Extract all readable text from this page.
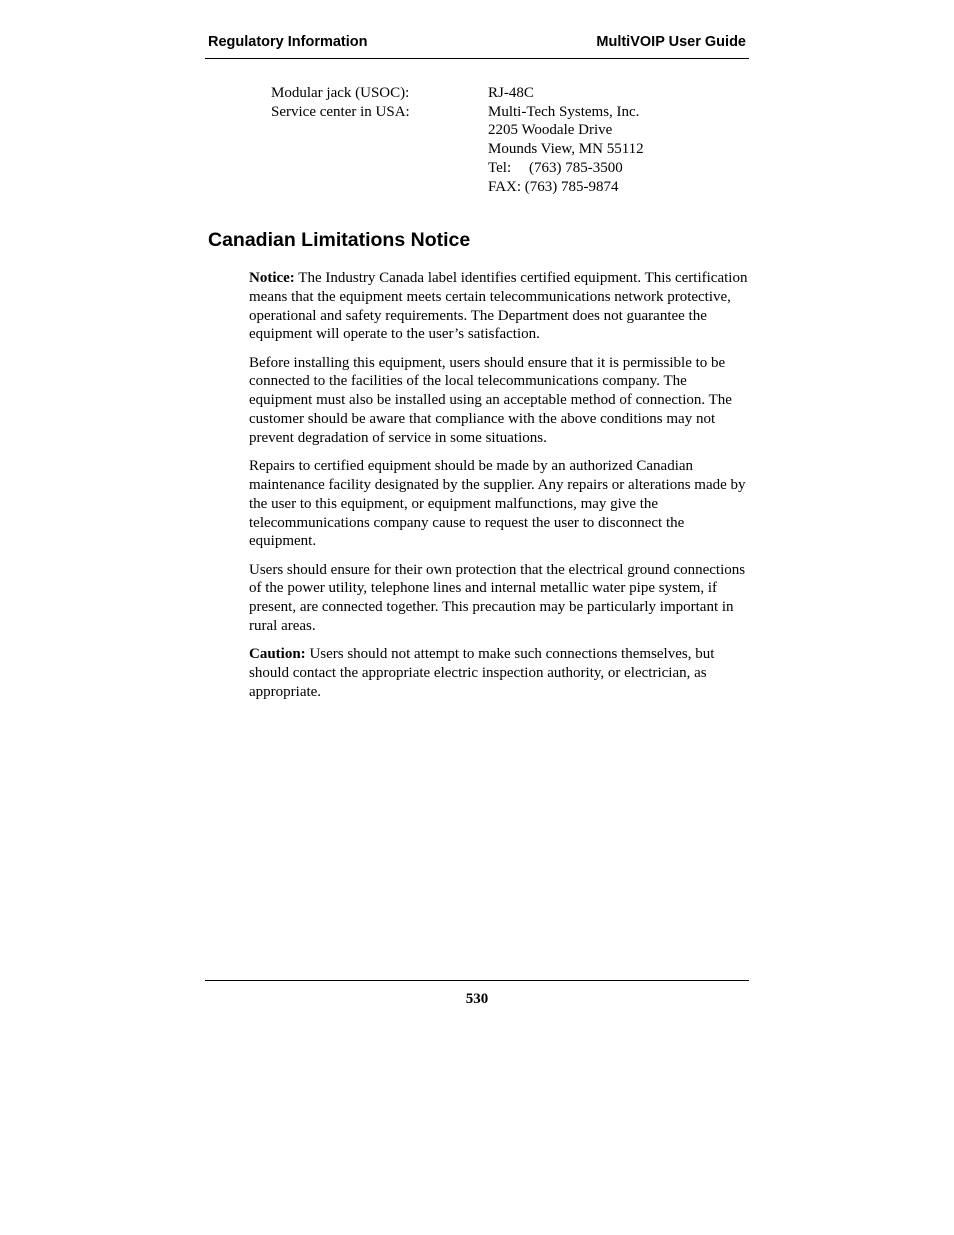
Regulatory Information	MultiVOIP User Guide
Modular jack (USOC):	RJ-48C
Service center in USA:	Multi-Tech Systems, Inc.
2205 Woodale Drive
Mounds View, MN 55112
Tel: (763) 785-3500
FAX: (763) 785-9874
Canadian Limitations Notice

Notice: The Industry Canada label identifies certified equipment. This certification means that the equipment meets certain telecommunications network protective, operational and safety requirements. The Department does not guarantee the equipment will operate to the user’s satisfaction.

Before installing this equipment, users should ensure that it is permissible to be connected to the facilities of the local telecommunications company. The equipment must also be installed using an acceptable method of connection. The customer should be aware that compliance with the above conditions may not prevent degradation of service in some situations.

Repairs to certified equipment should be made by an authorized Canadian maintenance facility designated by the supplier. Any repairs or alterations made by the user to this equipment, or equipment malfunctions, may give the telecommunications company cause to request the user to disconnect the equipment.

Users should ensure for their own protection that the electrical ground connections of the power utility, telephone lines and internal metallic water pipe system, if present, are connected together. This precaution may be particularly important in rural areas.

Caution: Users should not attempt to make such connections themselves, but should contact the appropriate electric inspection authority, or electrician, as appropriate.

530
